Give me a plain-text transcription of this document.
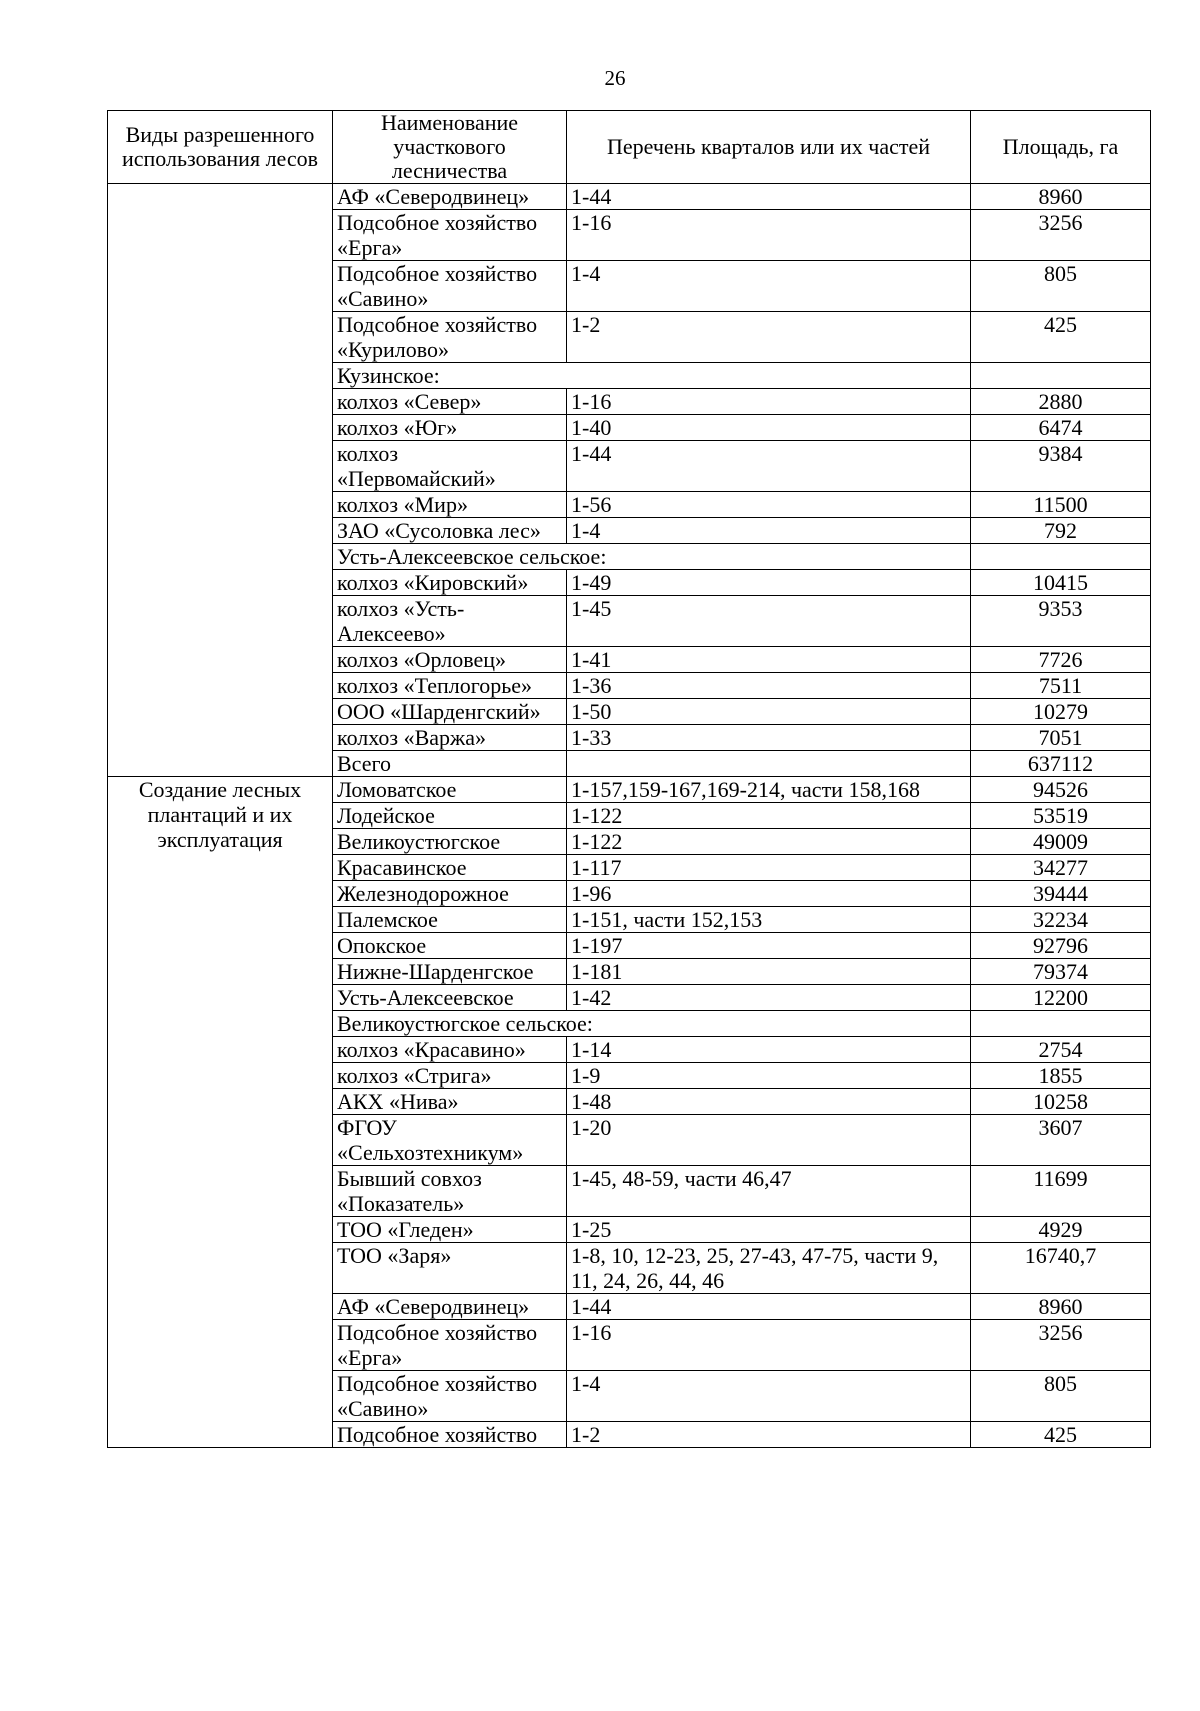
26
Виды разрешенного использования лесов	Наименование участкового лесничества	Перечень кварталов или их частей	Площадь, га
	АФ «Северодвинец»	1-44	8960
	Подсобное хозяйство «Ерга»	1-16	3256
	Подсобное хозяйство «Савино»	1-4	805
	Подсобное хозяйство «Курилово»	1-2	425
	Кузинское:		
	колхоз «Север»	1-16	2880
	колхоз «Юг»	1-40	6474
	колхоз «Первомайский»	1-44	9384
	колхоз «Мир»	1-56	11500
	ЗАО «Сусоловка лес»	1-4	792
	Усть-Алексеевское сельское:		
	колхоз «Кировский»	1-49	10415
	колхоз «Усть-Алексеево»	1-45	9353
	колхоз «Орловец»	1-41	7726
	колхоз «Теплогорье»	1-36	7511
	ООО «Шарденгский»	1-50	10279
	колхоз «Варжа»	1-33	7051
	Всего		637112
Создание лесных плантаций и их эксплуатация	Ломоватское	1-157,159-167,169-214, части 158,168	94526
	Лодейское	1-122	53519
	Великоустюгское	1-122	49009
	Красавинское	1-117	34277
	Железнодорожное	1-96	39444
	Палемское	1-151, части 152,153	32234
	Опокское	1-197	92796
	Нижне-Шарденгское	1-181	79374
	Усть-Алексеевское	1-42	12200
	Великоустюгское сельское:		
	колхоз «Красавино»	1-14	2754
	колхоз «Стрига»	1-9	1855
	АКХ «Нива»	1-48	10258
	ФГОУ «Сельхозтехникум»	1-20	3607
	Бывший совхоз «Показатель»	1-45, 48-59, части 46,47	11699
	ТОО «Гледен»	1-25	4929
	ТОО «Заря»	1-8, 10, 12-23, 25, 27-43, 47-75, части 9, 11, 24, 26, 44, 46	16740,7
	АФ «Северодвинец»	1-44	8960
	Подсобное хозяйство «Ерга»	1-16	3256
	Подсобное хозяйство «Савино»	1-4	805
	Подсобное хозяйство	1-2	425
